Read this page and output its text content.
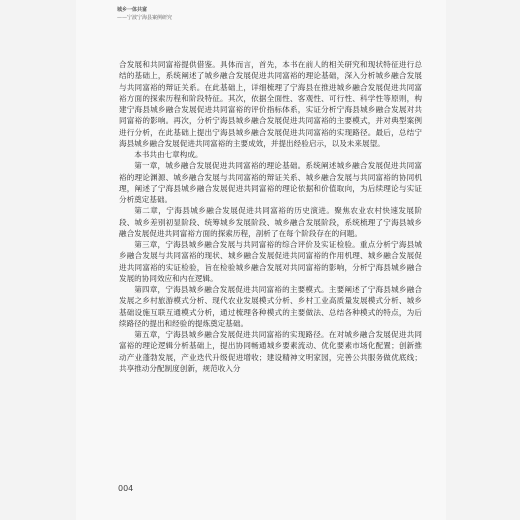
城乡一体共富
——宁波宁海县案例研究

合发展和共同富裕提供借鉴。具体而言，首先，本书在前人的相关研究和现状特征进行总结的基础上，系统阐述了城乡融合发展促进共同富裕的理论基础，深入分析城乡融合发展与共同富裕的辩证关系。在此基础上，详细梳理了宁海县在推进城乡融合发展促进共同富裕方面的探索历程和阶段特征。其次，依据全面性、客观性、可行性、科学性等原则，构建宁海县城乡融合发展促进共同富裕的评价指标体系，实证分析宁海县城乡融合发展对共同富裕的影响。再次，分析宁海县城乡融合发展促进共同富裕的主要模式，并对典型案例进行分析，在此基础上提出宁海县城乡融合发展促进共同富裕的实现路径。最后，总结宁海县城乡融合发展促进共同富裕的主要成效，并提出经验启示，以及未来展望。

本书共由七章构成。

第一章，城乡融合发展促进共同富裕的理论基础。系统阐述城乡融合发展促进共同富裕的理论渊源、城乡融合发展与共同富裕的辩证关系、城乡融合发展与共同富裕的协同机理，阐述了宁海县城乡融合发展促进共同富裕的理论依据和价值取向，为后续理论与实证分析奠定基础。

第二章，宁海县城乡融合发展促进共同富裕的历史演进。聚焦农业农村快速发展阶段、城乡差别初显阶段、统筹城乡发展阶段、城乡融合发展阶段，系统梳理了宁海县城乡融合发展促进共同富裕方面的探索历程，剖析了在每个阶段存在的问题。

第三章，宁海县城乡融合发展与共同富裕的综合评价及实证检验。重点分析宁海县城乡融合发展与共同富裕的现状、城乡融合发展促进共同富裕的作用机理、城乡融合发展促进共同富裕的实证检验，旨在检验城乡融合发展对共同富裕的影响，分析宁海县城乡融合发展的协同效应和内在逻辑。

第四章，宁海县城乡融合发展促进共同富裕的主要模式。主要阐述了宁海县城乡融合发展之乡村旅游模式分析、现代农业发展模式分析、乡村工业高质量发展模式分析、城乡基础设施互联互通模式分析，通过梳理各种模式的主要做法、总结各种模式的特点，为后续路径的提出和经验的提炼奠定基础。

第五章，宁海县城乡融合发展促进共同富裕的实现路径。在对城乡融合发展促进共同富裕的理论逻辑分析基础上，提出协同畅通城乡要素流动、优化要素市场化配置；创新推动产业蓬勃发展，产业迭代升级促进增收；建设精神文明家园，完善公共服务做优底线；共享推动分配制度创新，规范收入分

004
